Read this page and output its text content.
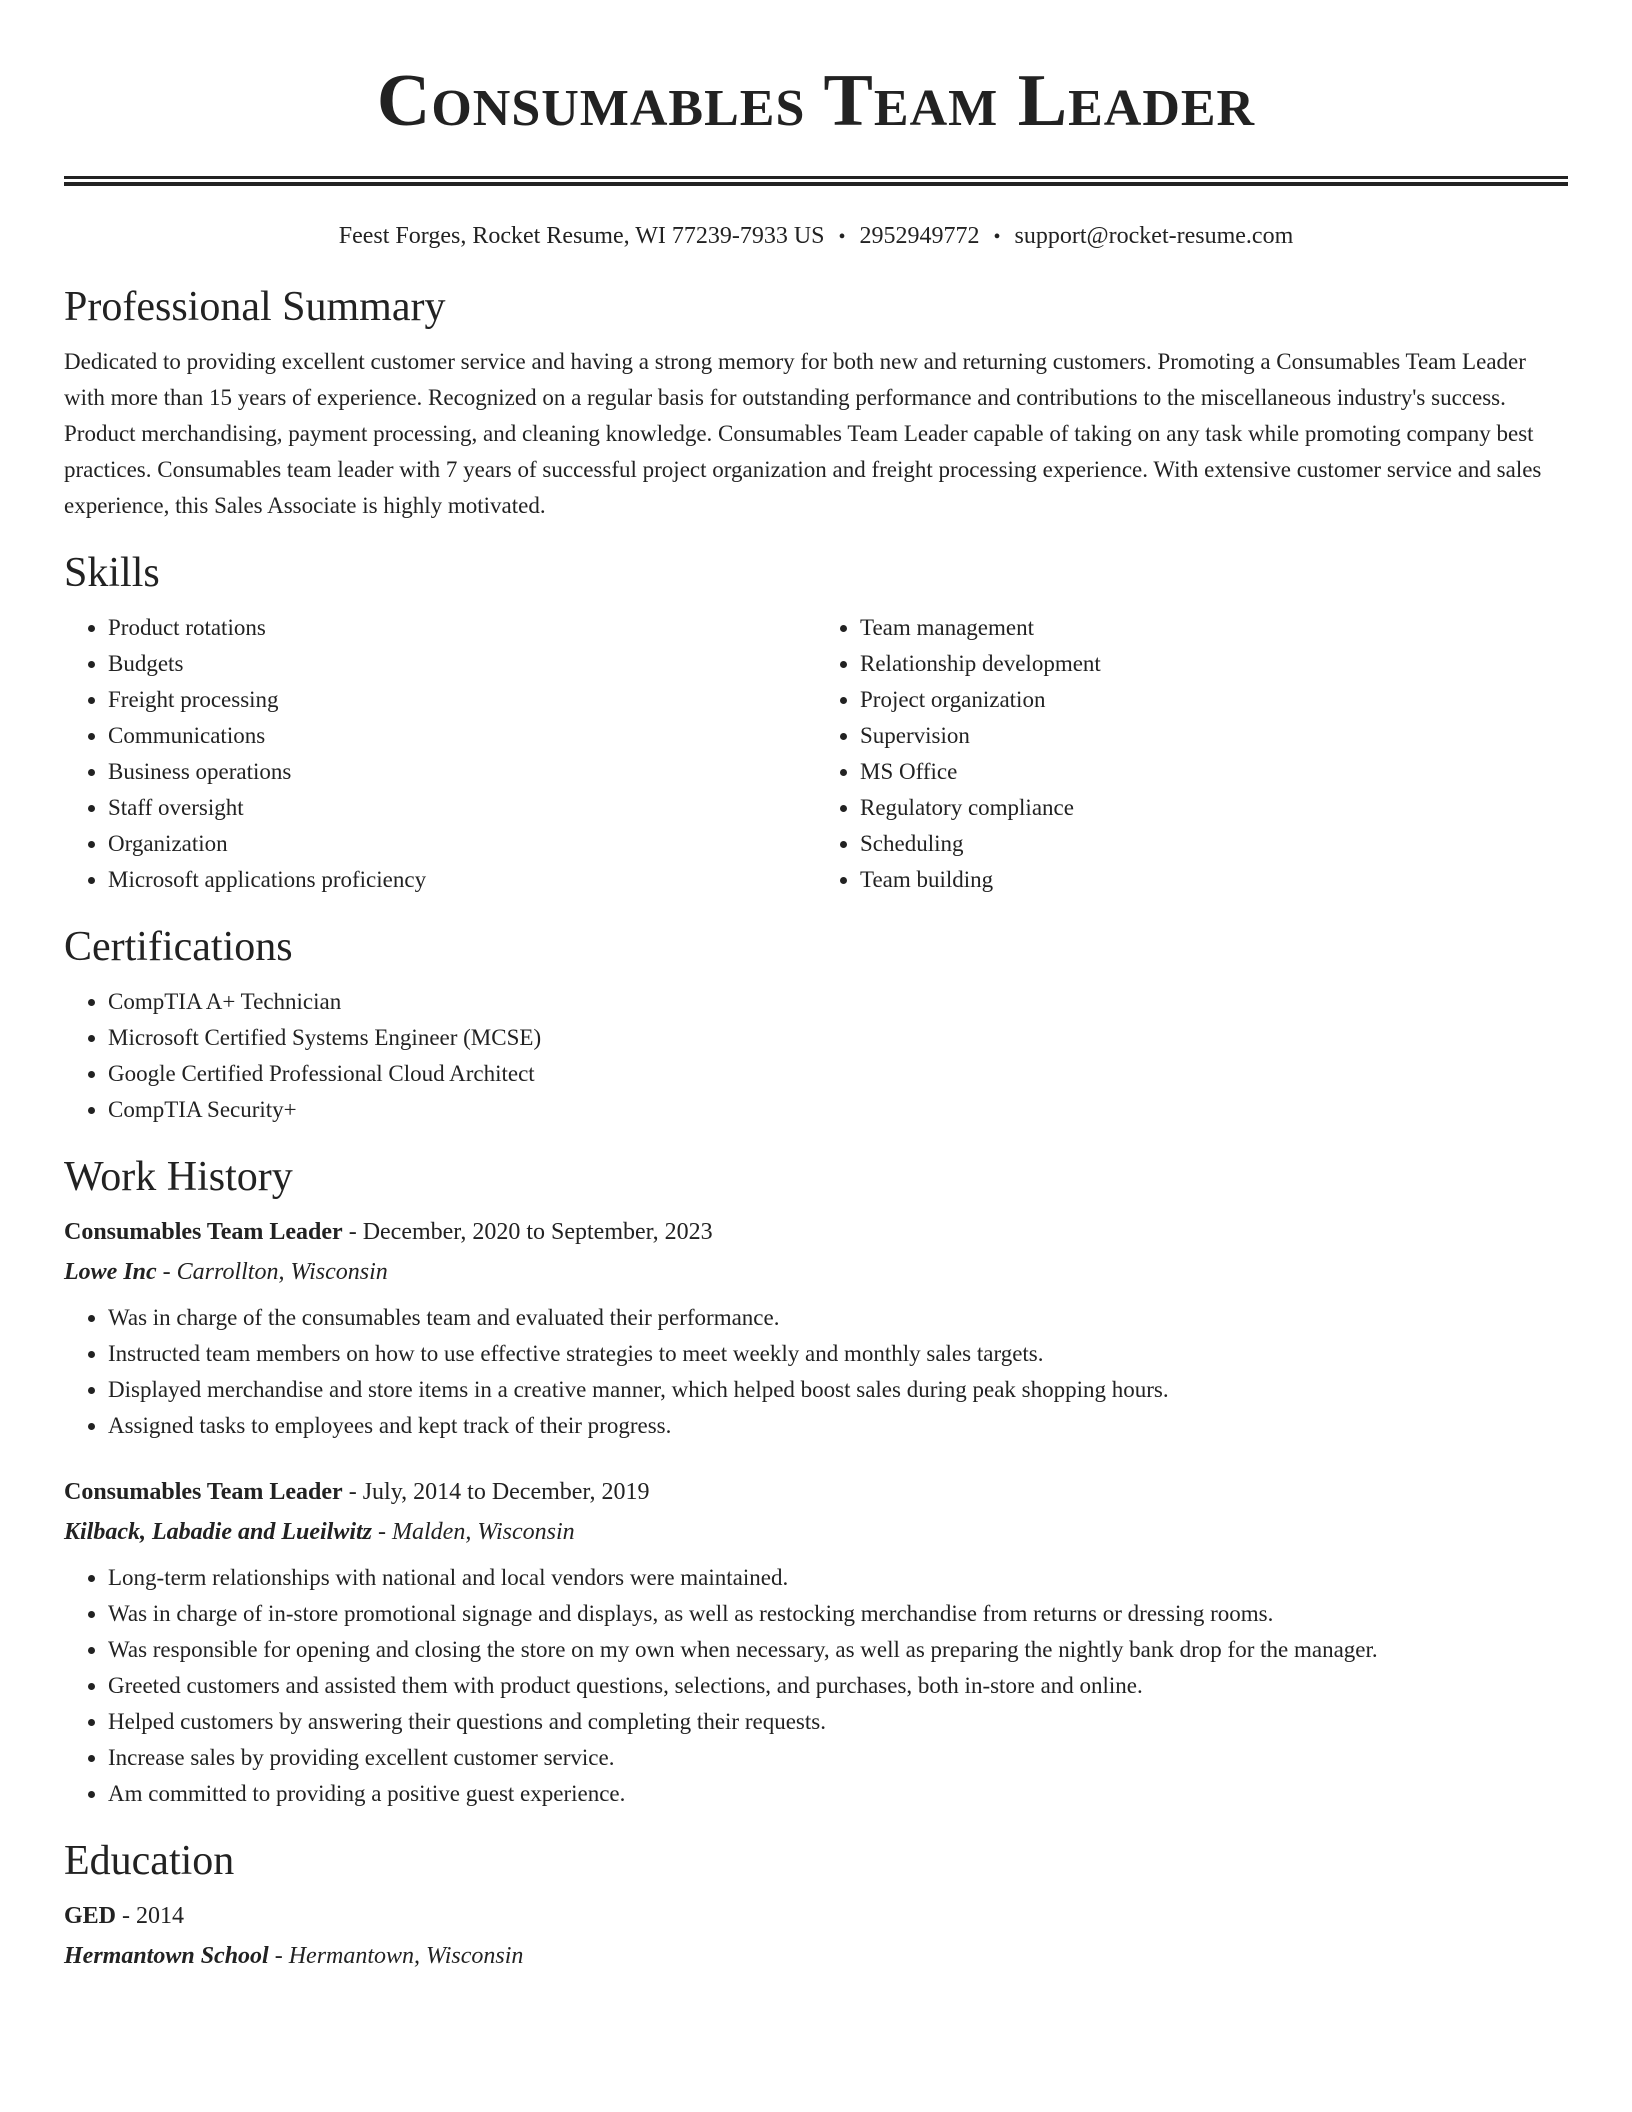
Consumables Team Leader
Feest Forges, Rocket Resume, WI 77239-7933 US • 2952949772 • support@rocket-resume.com
Professional Summary

Dedicated to providing excellent customer service and having a strong memory for both new and returning customers. Promoting a Consumables Team Leader with more than 15 years of experience. Recognized on a regular basis for outstanding performance and contributions to the miscellaneous industry's success. Product merchandising, payment processing, and cleaning knowledge. Consumables Team Leader capable of taking on any task while promoting company best practices. Consumables team leader with 7 years of successful project organization and freight processing experience. With extensive customer service and sales experience, this Sales Associate is highly motivated.

Skills
• Product rotations
• Budgets
• Freight processing
• Communications
• Business operations
• Staff oversight
• Organization
• Microsoft applications proficiency
• Team management
• Relationship development
• Project organization
• Supervision
• MS Office
• Regulatory compliance
• Scheduling
• Team building
Certifications
• CompTIA A+ Technician
• Microsoft Certified Systems Engineer (MCSE)
• Google Certified Professional Cloud Architect
• CompTIA Security+
Work History

Consumables Team Leader - December, 2020 to September, 2023

Lowe Inc - Carrollton, Wisconsin

• Was in charge of the consumables team and evaluated their performance.
• Instructed team members on how to use effective strategies to meet weekly and monthly sales targets.
• Displayed merchandise and store items in a creative manner, which helped boost sales during peak shopping hours.
• Assigned tasks to employees and kept track of their progress.

Consumables Team Leader - July, 2014 to December, 2019

Kilback, Labadie and Lueilwitz - Malden, Wisconsin

• Long-term relationships with national and local vendors were maintained.
• Was in charge of in-store promotional signage and displays, as well as restocking merchandise from returns or dressing rooms.
• Was responsible for opening and closing the store on my own when necessary, as well as preparing the nightly bank drop for the manager.
• Greeted customers and assisted them with product questions, selections, and purchases, both in-store and online.
• Helped customers by answering their questions and completing their requests.
• Increase sales by providing excellent customer service.
• Am committed to providing a positive guest experience.
Education

GED - 2014

Hermantown School - Hermantown, Wisconsin
